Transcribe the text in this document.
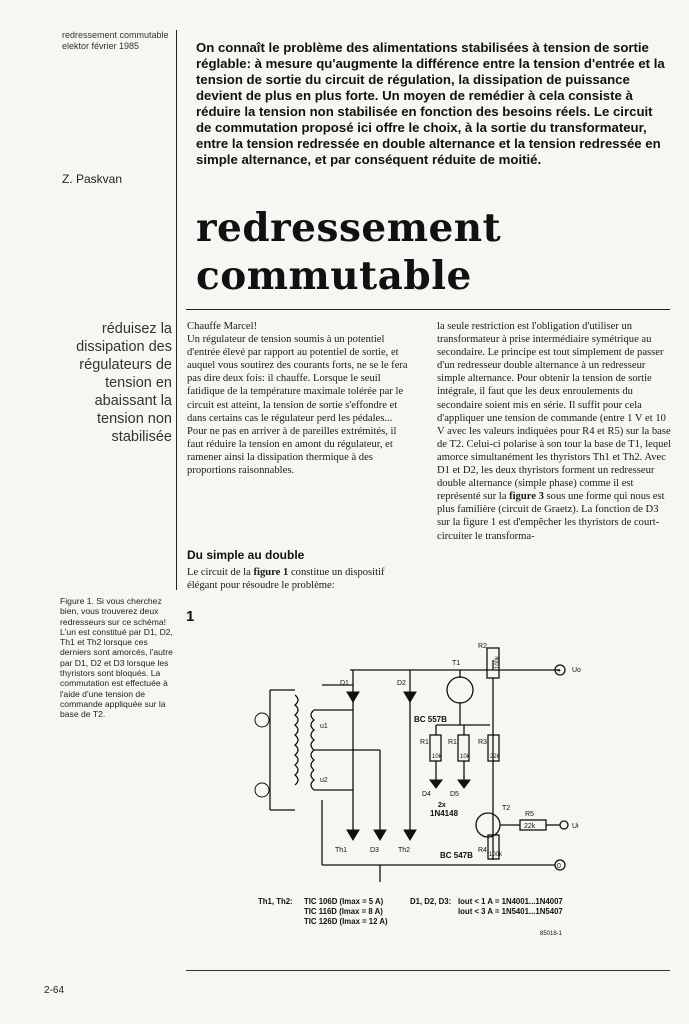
redressement commutable
elektor février 1985	On connaît le problème des alimentations stabilisées à tension de sortie réglable: à mesure qu'augmente la différence entre la tension d'entrée et la tension de sortie du circuit de régulation, la dissipation de puissance devient de plus en plus forte. Un moyen de remédier à cela consiste à réduire la tension non stabilisée en fonction des besoins réels. Le circuit de commutation proposé ici offre le choix, à la sortie du transformateur, entre la tension redressée en double alternance et la tension redressée en simple alternance, et par conséquent réduite de moitié.
Z. Paskvan
redressement
commutable
réduisez la dissipation des régulateurs de tension en abaissant la tension non stabilisée

Chauffe Marcel!

Un régulateur de tension soumis à un potentiel d'entrée élevé par rapport au potentiel de sortie, et auquel vous soutirez des courants forts, ne se le fera pas dire deux fois: il chauffe. Lorsque le seuil fatidique de la température maximale tolérée par le circuit est atteint, la tension de sortie s'effondre et dans certains cas le régulateur perd les pédales...

Pour ne pas en arriver à de pareilles extrémités, il faut réduire la tension en amont du régulateur, et ramener ainsi la dissipation thermique à des proportions raisonnables.

Du simple au double

Le circuit de la figure 1 constitue un dispositif élégant pour résoudre le problème:

la seule restriction est l'obligation d'utiliser un transformateur à prise intermédiaire symétrique au secondaire. Le principe est tout simplement de passer d'un redresseur double alternance à un redresseur simple alternance. Pour obtenir la tension de sortie intégrale, il faut que les deux enroulements du secondaire soient mis en série. Il suffit pour cela d'appliquer une tension de commande (entre 1 V et 10 V avec les valeurs indiquées pour R4 et R5) sur la base de T2. Celui-ci polarise à son tour la base de T1, lequel amorce simultanément les thyristors Th1 et Th2. Avec D1 et D2, les deux thyristors forment un redresseur double alternance (simple phase) comme il est représenté sur la figure 3 sous une forme qui nous est plus familière (circuit de Graetz). La fonction de D3 sur la figure 1 est d'empêcher les thyristors de court-circuiter le transforma-

Figure 1. Si vous cherchez bien, vous trouverez deux redresseurs sur ce schéma! L'un est constitué par D1, D2, Th1 et Th2 lorsque ces derniers sont amorcés, l'autre par D1, D2 et D3 lorsque les thyristors sont bloqués. La commutation est effectuée à l'aide d'une tension de commande appliquée sur la base de T2.
1
D1	D2
T1
R2
BC 557B
R1	R1'	R3
D4	D5
2x
1N4148
u1
u2
Th1	D3	Th2
T2
R5
22k	Ui
BC 547B
R4
Uo
+
0
100k
10k	10k	22k
100k
Th1, Th2: TIC 106D (Imax = 5 A)
TIC 116D (Imax = 8 A)
TIC 126D (Imax = 12 A)
D1, D2, D3: Iout < 1 A = 1N4001...1N4007
Iout < 3 A = 1N5401...1N5407
85018-1
2-64
